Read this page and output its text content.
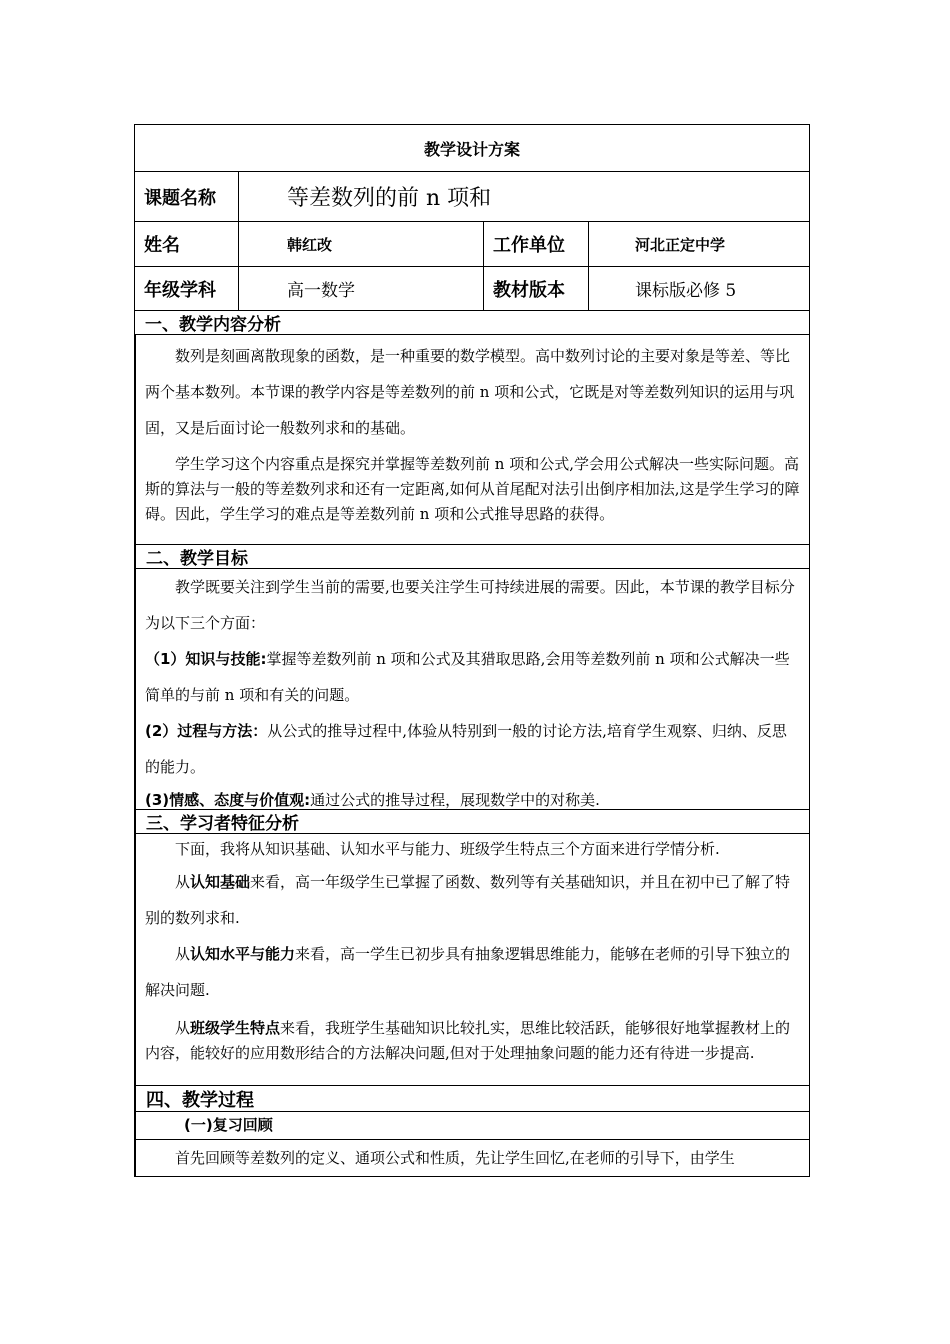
教学设计方案
课题名称	等差数列的前 n 项和
姓名	韩红改	工作单位	河北正定中学
年级学科	高一数学	教材版本	课标版必修 5
一、教学内容分析

数列是刻画离散现象的函数，是一种重要的数学模型。高中数列讨论的主要对象是等差、等比两个基本数列。本节课的教学内容是等差数列的前 n 项和公式，它既是对等差数列知识的运用与巩固，又是后面讨论一般数列求和的基础。

学生学习这个内容重点是探究并掌握等差数列前 n 项和公式,学会用公式解决一些实际问题。高斯的算法与一般的等差数列求和还有一定距离,如何从首尾配对法引出倒序相加法,这是学生学习的障碍。因此，学生学习的难点是等差数列前 n 项和公式推导思路的获得。

二、教学目标

教学既要关注到学生当前的需要,也要关注学生可持续进展的需要。因此，本节课的教学目标分为以下三个方面：

（1）知识与技能:掌握等差数列前 n 项和公式及其猎取思路,会用等差数列前 n 项和公式解决一些简单的与前 n 项和有关的问题。

(2）过程与方法：从公式的推导过程中,体验从特别到一般的讨论方法,培育学生观察、归纳、反思的能力。

(3)情感、态度与价值观:通过公式的推导过程，展现数学中的对称美.

三、学习者特征分析

下面，我将从知识基础、认知水平与能力、班级学生特点三个方面来进行学情分析.

从认知基础来看，高一年级学生已掌握了函数、数列等有关基础知识，并且在初中已了解了特别的数列求和.

从认知水平与能力来看，高一学生已初步具有抽象逻辑思维能力，能够在老师的引导下独立的解决问题.

从班级学生特点来看，我班学生基础知识比较扎实，思维比较活跃，能够很好地掌握教材上的内容，能较好的应用数形结合的方法解决问题,但对于处理抽象问题的能力还有待进一步提高.

四、教学过程
(一)复习回顾

首先回顾等差数列的定义、通项公式和性质，先让学生回忆,在老师的引导下，由学生
